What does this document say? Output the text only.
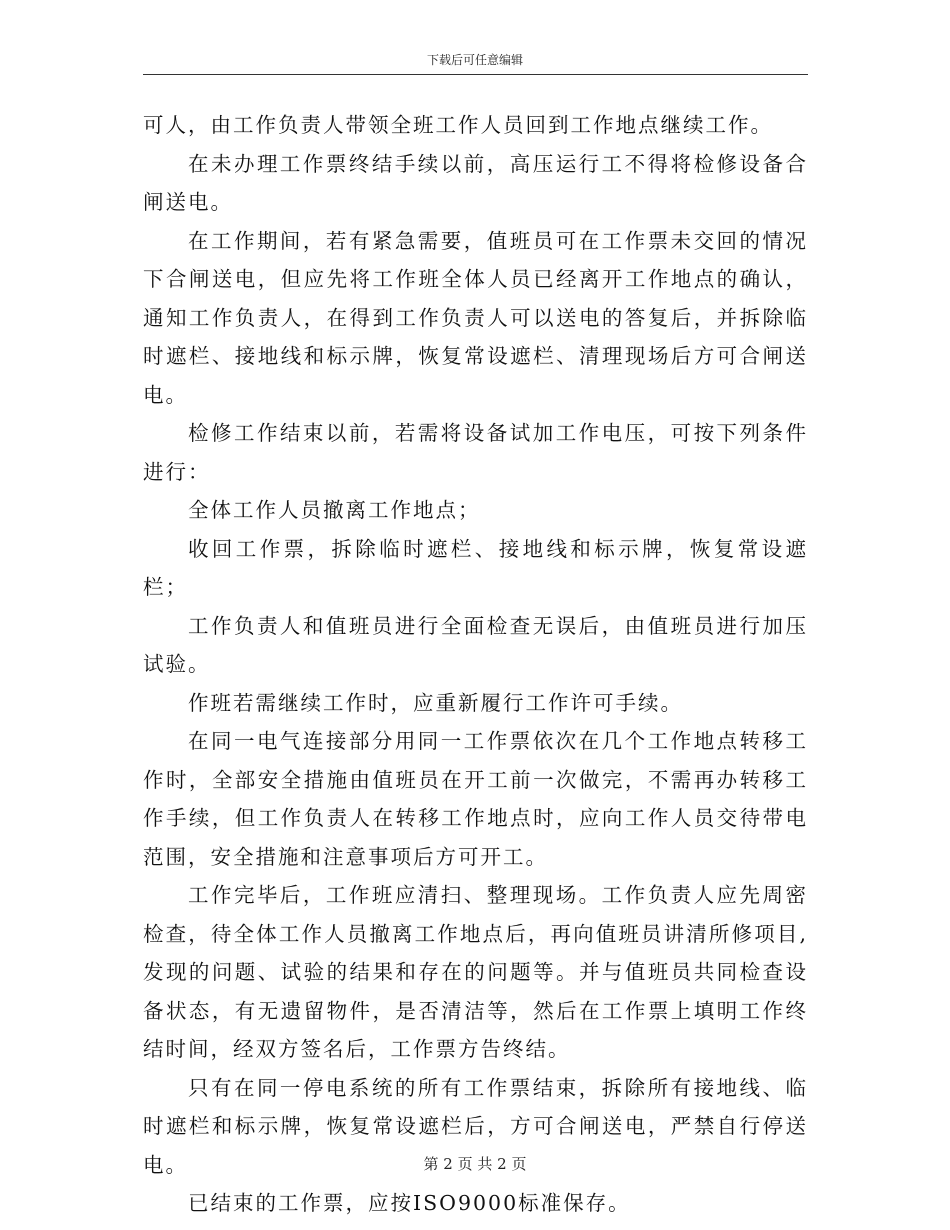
下载后可任意编辑

可人，由工作负责人带领全班工作人员回到工作地点继续工作。

在未办理工作票终结手续以前，高压运行工不得将检修设备合闸送电。

在工作期间，若有紧急需要，值班员可在工作票未交回的情况下合闸送电，但应先将工作班全体人员已经离开工作地点的确认，通知工作负责人，在得到工作负责人可以送电的答复后，并拆除临时遮栏、接地线和标示牌，恢复常设遮栏、清理现场后方可合闸送电。

检修工作结束以前，若需将设备试加工作电压，可按下列条件进行：

全体工作人员撤离工作地点；

收回工作票，拆除临时遮栏、接地线和标示牌，恢复常设遮栏；

工作负责人和值班员进行全面检查无误后，由值班员进行加压试验。

作班若需继续工作时，应重新履行工作许可手续。

在同一电气连接部分用同一工作票依次在几个工作地点转移工作时，全部安全措施由值班员在开工前一次做完，不需再办转移工作手续，但工作负责人在转移工作地点时，应向工作人员交待带电范围，安全措施和注意事项后方可开工。

工作完毕后，工作班应清扫、整理现场。工作负责人应先周密检查，待全体工作人员撤离工作地点后，再向值班员讲清所修项目,发现的问题、试验的结果和存在的问题等。并与值班员共同检查设备状态，有无遗留物件，是否清洁等，然后在工作票上填明工作终结时间，经双方签名后，工作票方告终结。

只有在同一停电系统的所有工作票结束，拆除所有接地线、临时遮栏和标示牌，恢复常设遮栏后，方可合闸送电，严禁自行停送电。

已结束的工作票，应按ISO9000标准保存。

第 2 页 共 2 页
